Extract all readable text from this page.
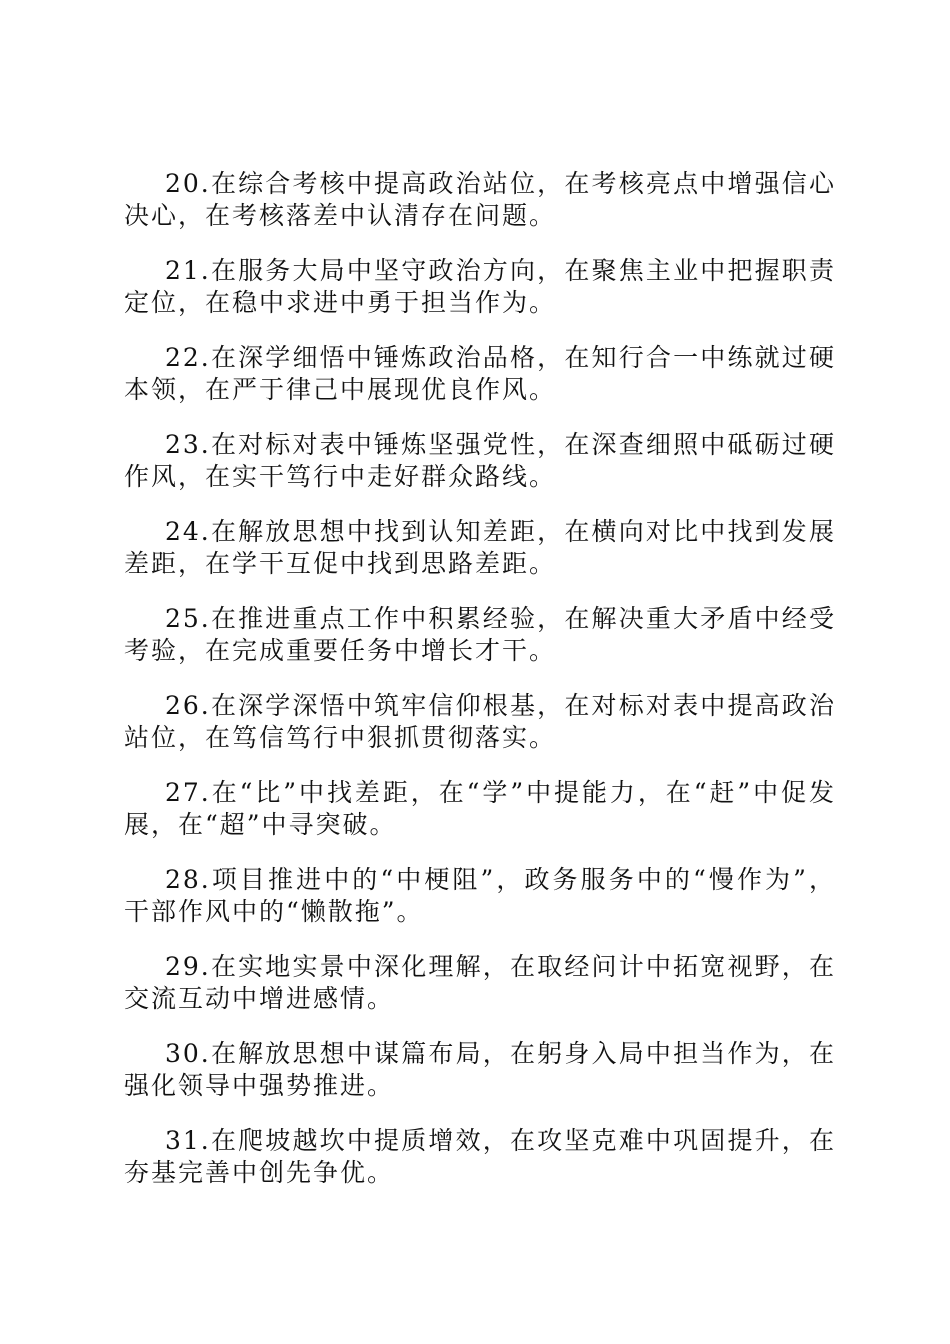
20.在综合考核中提高政治站位，在考核亮点中增强信心决心，在考核落差中认清存在问题。

21.在服务大局中坚守政治方向，在聚焦主业中把握职责定位，在稳中求进中勇于担当作为。

22.在深学细悟中锤炼政治品格，在知行合一中练就过硬本领，在严于律己中展现优良作风。

23.在对标对表中锤炼坚强党性，在深查细照中砥砺过硬作风，在实干笃行中走好群众路线。

24.在解放思想中找到认知差距，在横向对比中找到发展差距，在学干互促中找到思路差距。

25.在推进重点工作中积累经验，在解决重大矛盾中经受考验，在完成重要任务中增长才干。

26.在深学深悟中筑牢信仰根基，在对标对表中提高政治站位，在笃信笃行中狠抓贯彻落实。

27.在“比”中找差距，在“学”中提能力，在“赶”中促发展，在“超”中寻突破。

28.项目推进中的“中梗阻”，政务服务中的“慢作为”，干部作风中的“懒散拖”。

29.在实地实景中深化理解，在取经问计中拓宽视野，在交流互动中增进感情。

30.在解放思想中谋篇布局，在躬身入局中担当作为，在强化领导中强势推进。

31.在爬坡越坎中提质增效，在攻坚克难中巩固提升，在夯基完善中创先争优。
